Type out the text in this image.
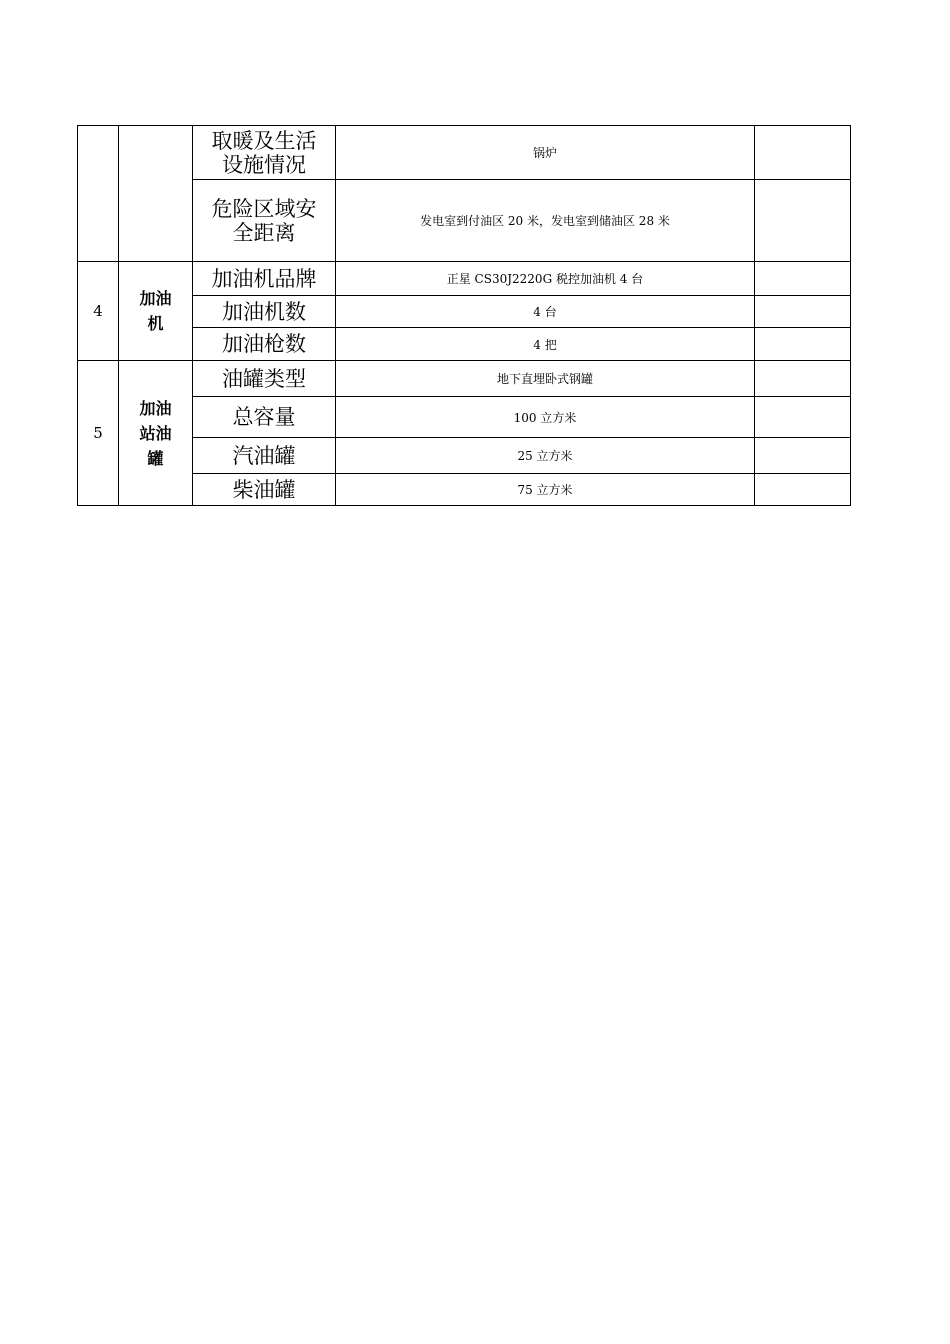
		取暖及生活设施情况	锅炉	
		危险区域安全距离	发电室到付油区 20 米，发电室到储油区 28 米	
4	加油机	加油机品牌	正星 CS30J2220G 税控加油机 4 台	
		加油机数	4 台	
		加油枪数	4 把	
5	加油站油罐	油罐类型	地下直埋卧式钢罐	
		总容量	100 立方米	
		汽油罐	25 立方米	
		柴油罐	75 立方米	
